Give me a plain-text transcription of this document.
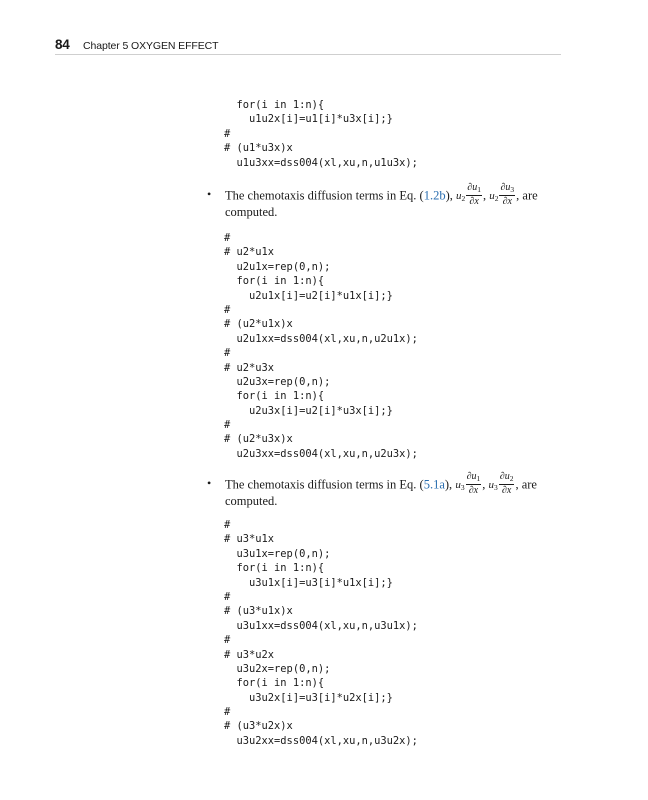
84 Chapter 5 OXYGEN EFFECT
for(i in 1:n){
u1u2x[i]=u1[i]*u3x[i];}
#
# (u1*u3x)x
u1u3xx=dss004(xl,xu,n,u1u3x);
• The chemotaxis diffusion terms in Eq. (1.2b), $u_2 \frac{\partial u_1}{\partial x}$ , $u_2 \frac{\partial u_3}{\partial x}$ , are
computed.
#
# u2*u1x
u2u1x=rep(0,n);
for(i in 1:n){
u2u1x[i]=u2[i]*u1x[i];}
#
# (u2*u1x)x
u2u1xx=dss004(xl,xu,n,u2u1x);
#
# u2*u3x
u2u3x=rep(0,n);
for(i in 1:n){
u2u3x[i]=u2[i]*u3x[i];}
#
# (u2*u3x)x
u2u3xx=dss004(xl,xu,n,u2u3x);
• The chemotaxis diffusion terms in Eq. (5.1a), $u_3 \frac{\partial u_1}{\partial x}$ , $u_3 \frac{\partial u_2}{\partial x}$ , are
computed.
#
# u3*u1x
u3u1x=rep(0,n);
for(i in 1:n){
u3u1x[i]=u3[i]*u1x[i];}
#
# (u3*u1x)x
u3u1xx=dss004(xl,xu,n,u3u1x);
#
# u3*u2x
u3u2x=rep(0,n);
for(i in 1:n){
u3u2x[i]=u3[i]*u2x[i];}
#
# (u3*u2x)x
u3u2xx=dss004(xl,xu,n,u3u2x);
